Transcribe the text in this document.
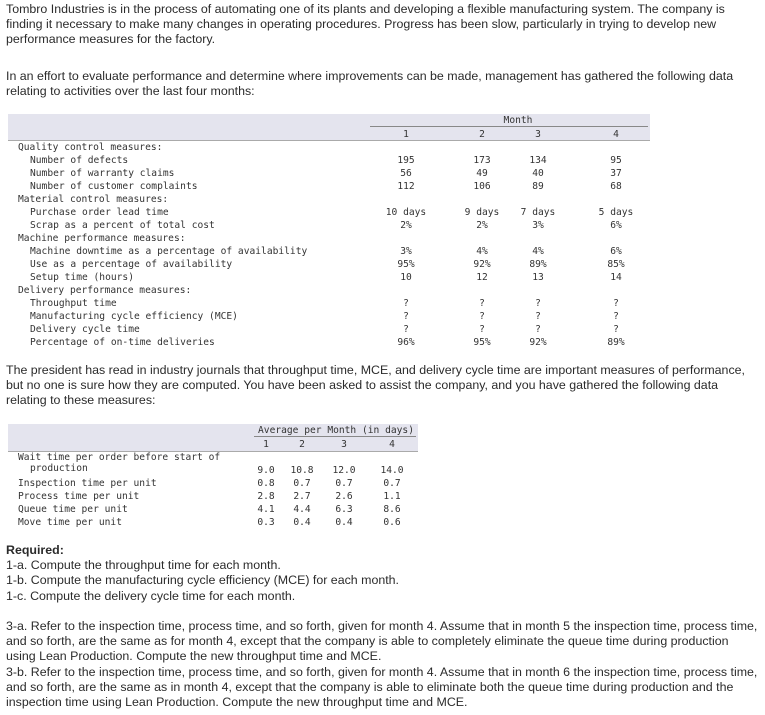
Tombro Industries is in the process of automating one of its plants and developing a flexible manufacturing system. The company is finding it necessary to make many changes in operating procedures. Progress has been slow, particularly in trying to develop new performance measures for the factory.

In an effort to evaluate performance and determine where improvements can be made, management has gathered the following data relating to activities over the last four months:

Month
1	2	3	4
Quality control measures:
Number of defects	195	173	134	95
Number of warranty claims	56	49	40	37
Number of customer complaints	112	106	89	68
Material control measures:
Purchase order lead time	10 days	9 days	7 days	5 days
Scrap as a percent of total cost	2%	2%	3%	6%
Machine performance measures:
Machine downtime as a percentage of availability	3%	4%	4%	6%
Use as a percentage of availability	95%	92%	89%	85%
Setup time (hours)	10	12	13	14
Delivery performance measures:
Throughput time	?	?	?	?
Manufacturing cycle efficiency (MCE)	?	?	?	?
Delivery cycle time	?	?	?	?
Percentage of on-time deliveries	96%	95%	92%	89%

The president has read in industry journals that throughput time, MCE, and delivery cycle time are important measures of performance, but no one is sure how they are computed. You have been asked to assist the company, and you have gathered the following data relating to these measures:

Average per Month (in days)
1	2	3	4
Wait time per order before start of
production	9.0	10.8	12.0	14.0
Inspection time per unit	0.8	0.7	0.7	0.7
Process time per unit	2.8	2.7	2.6	1.1
Queue time per unit	4.1	4.4	6.3	8.6
Move time per unit	0.3	0.4	0.4	0.6
Required:
1-a. Compute the throughput time for each month.
1-b. Compute the manufacturing cycle efficiency (MCE) for each month.
1-c. Compute the delivery cycle time for each month.

3-a. Refer to the inspection time, process time, and so forth, given for month 4. Assume that in month 5 the inspection time, process time, and so forth, are the same as for month 4, except that the company is able to completely eliminate the queue time during production using Lean Production. Compute the new throughput time and MCE.

3-b. Refer to the inspection time, process time, and so forth, given for month 4. Assume that in month 6 the inspection time, process time, and so forth, are the same as in month 4, except that the company is able to eliminate both the queue time during production and the inspection time using Lean Production. Compute the new throughput time and MCE.
